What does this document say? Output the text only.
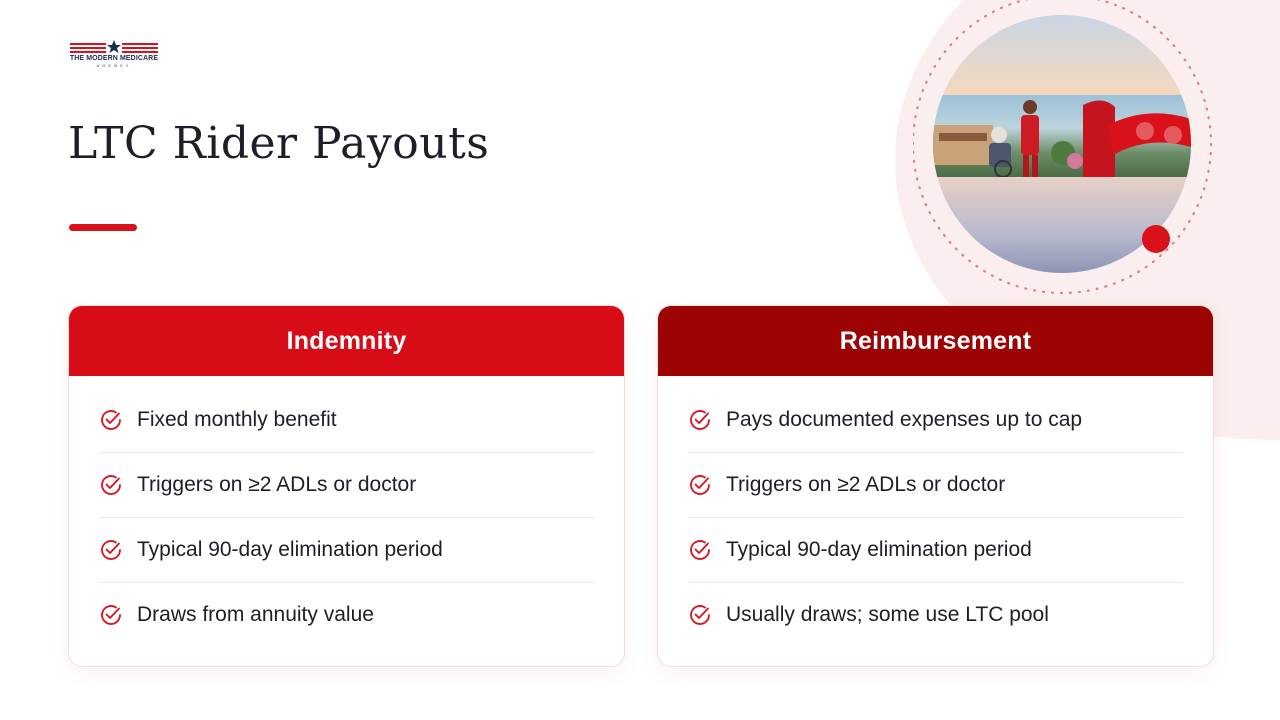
THE MODERN MEDICARE
AGENCY
LTC Rider Payouts
Indemnity
Fixed monthly benefit
Triggers on ≥2 ADLs or doctor
Typical 90-day elimination period
Draws from annuity value
Reimbursement
Pays documented expenses up to cap
Triggers on ≥2 ADLs or doctor
Typical 90-day elimination period
Usually draws; some use LTC pool
